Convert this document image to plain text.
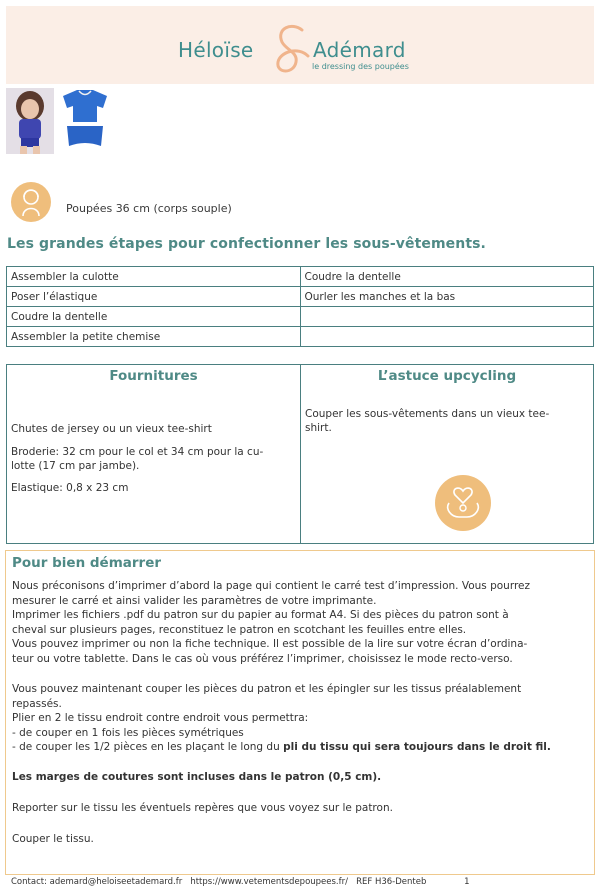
Héloïse	Adémard
le dressing des poupées
Poupées 36 cm (corps souple)
Les grandes étapes pour confectionner les sous-vêtements.
Assembler la culotte	Coudre la dentelle
Poser l’élastique	Ourler les manches et la bas
Coudre la dentelle	
Assembler la petite chemise	
Fournitures
Chutes de jersey ou un vieux tee-shirt
Broderie: 32 cm pour le col et 34 cm pour la cu-
lotte (17 cm par jambe).
Elastique: 0,8 x 23 cm
L’astuce upcycling
Couper les sous-vêtements dans un vieux tee-
shirt.
Pour bien démarrer
Nous préconisons d’imprimer d’abord la page qui contient le carré test d’impression. Vous pourrez
mesurer le carré et ainsi valider les paramètres de votre imprimante.
Imprimer les fichiers .pdf du patron sur du papier au format A4. Si des pièces du patron sont à
cheval sur plusieurs pages, reconstituez le patron en scotchant les feuilles entre elles.
Vous pouvez imprimer ou non la fiche technique. Il est possible de la lire sur votre écran d’ordina-
teur ou votre tablette. Dans le cas où vous préférez l’imprimer, choisissez le mode recto-verso.
Vous pouvez maintenant couper les pièces du patron et les épingler sur les tissus préalablement
repassés.
Plier en 2 le tissu endroit contre endroit vous permettra:
- de couper en 1 fois les pièces symétriques
- de couper les 1/2 pièces en les plaçant le long du pli du tissu qui sera toujours dans le droit fil.
Les marges de coutures sont incluses dans le patron (0,5 cm).
Reporter sur le tissu les éventuels repères que vous voyez sur le patron.
Couper le tissu.
Contact: ademard@heloiseetademard.fr   https://www.vetementsdepoupees.fr/   REF H36-Denteb              1
